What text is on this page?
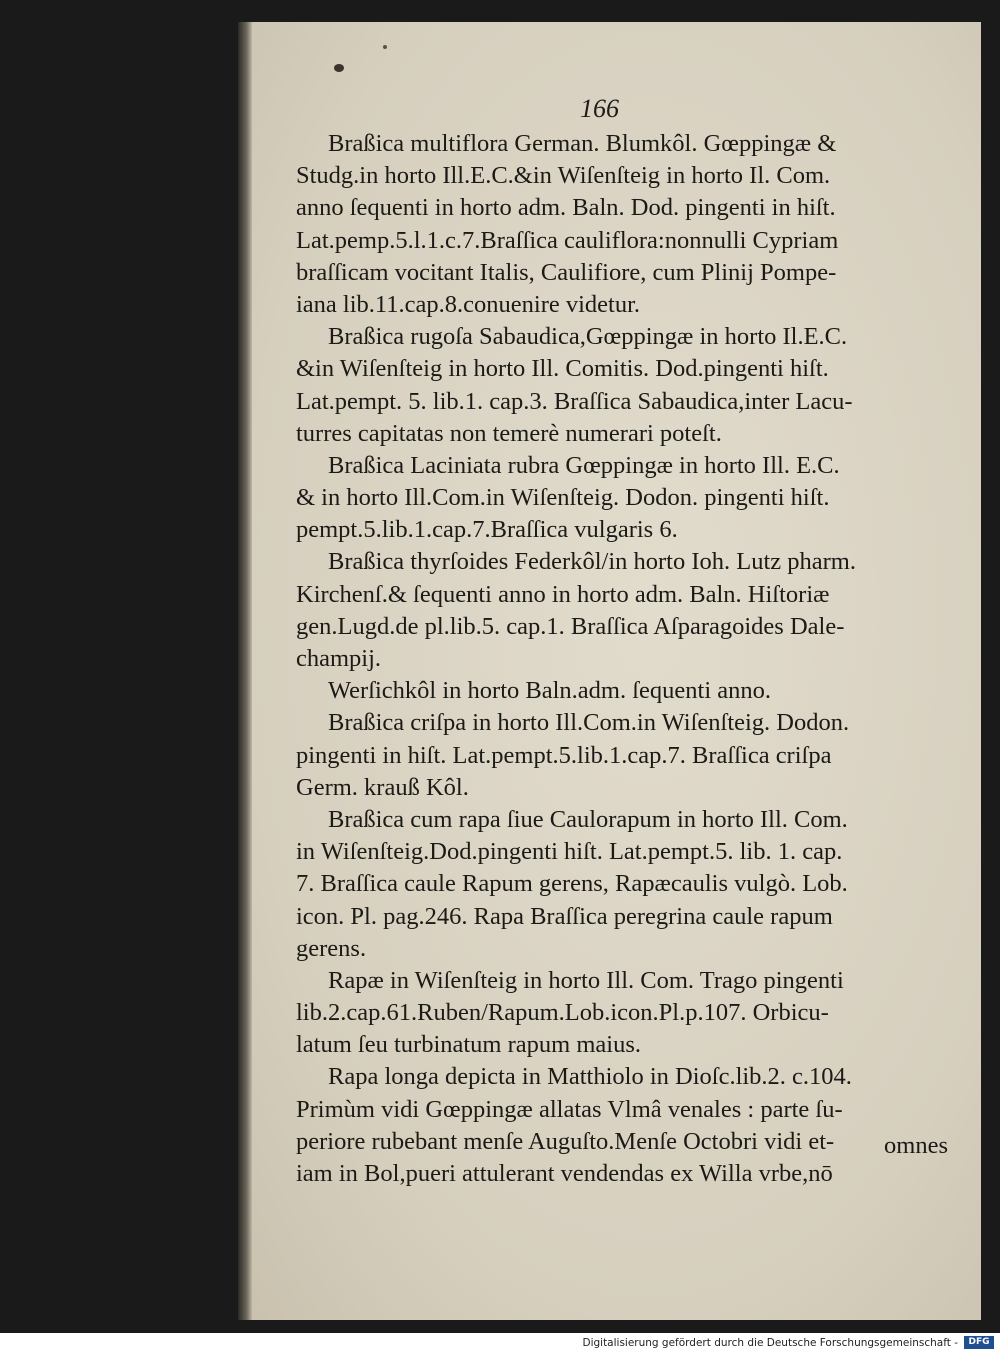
166
Braßica multiflora German. Blumkôl. Gœppingæ &
Studg.in horto Ill.E.C.&in Wiſenſteig in horto Il. Com.
anno ſequenti in horto adm. Baln. Dod. pingenti in hiſt.
Lat.pemp.5.l.1.c.7.Braſſica cauliflora:nonnulli Cypriam
braſſicam vocitant Italis, Caulifiore, cum Plinij Pompe-
iana lib.11.cap.8.conuenire videtur.
Braßica rugoſa Sabaudica,Gœppingæ in horto Il.E.C.
&in Wiſenſteig in horto Ill. Comitis. Dod.pingenti hiſt.
Lat.pempt. 5. lib.1. cap.3. Braſſica Sabaudica,inter Lacu-
turres capitatas non temerè numerari poteſt.
Braßica Laciniata rubra Gœppingæ in horto Ill. E.C.
& in horto Ill.Com.in Wiſenſteig. Dodon. pingenti hiſt.
pempt.5.lib.1.cap.7.Braſſica vulgaris 6.
Braßica thyrſoides Federkôl/in horto Ioh. Lutz pharm.
Kirchenſ.& ſequenti anno in horto adm. Baln. Hiſtoriæ
gen.Lugd.de pl.lib.5. cap.1. Braſſica Aſparagoides Dale-
champij.
Werſichkôl in horto Baln.adm. ſequenti anno.
Braßica criſpa in horto Ill.Com.in Wiſenſteig. Dodon.
pingenti in hiſt. Lat.pempt.5.lib.1.cap.7. Braſſica criſpa
Germ. krauß Kôl.
Braßica cum rapa ſiue Caulorapum in horto Ill. Com.
in Wiſenſteig.Dod.pingenti hiſt. Lat.pempt.5. lib. 1. cap.
7. Braſſica caule Rapum gerens, Rapæcaulis vulgò. Lob.
icon. Pl. pag.246. Rapa Braſſica peregrina caule rapum
gerens.
Rapæ in Wiſenſteig in horto Ill. Com. Trago pingenti
lib.2.cap.61.Ruben/Rapum.Lob.icon.Pl.p.107. Orbicu-
latum ſeu turbinatum rapum maius.
Rapa longa depicta in Matthiolo in Dioſc.lib.2. c.104.
Primùm vidi Gœppingæ allatas Vlmâ venales : parte ſu-
periore rubebant menſe Auguſto.Menſe Octobri vidi et-
iam in Bol,pueri attulerant vendendas ex Willa vrbe,nō
omnes
Digitalisierung gefördert durch die Deutsche Forschungsgemeinschaft -	DFG
